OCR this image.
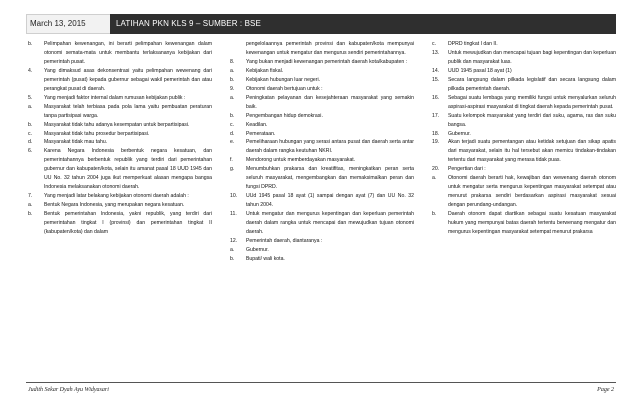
March 13, 2015	LATIHAN PKN KLS 9 – SUMBER : BSE
b.	Pelimpahan kewenangan, ini berarti pelimpahan kewenangan dalam otonomi semata-mata untuk membantu terlaksananya kebijakan dari pemerintah pusat.
4.	Yang dimaksud asas dekonsentrasi yaitu pelimpahan wewenang dari pemerintah (pusat) kepada gubernur sebagai wakil pemerintah dan atau perangkat pusat di daerah.
5.	Yang menjadi faktor internal dalam rumusan kebijakan publik :
a.	Masyarakat telah terbiasa pada pola lama yaitu pembuatan peraturan tanpa partisipasi warga.
b.	Masyarakat tidak tahu adanya kesempatan untuk berpartisipasi.
c.	Masyarakat tidak tahu prosedur berpartisipasi.
d.	Masyarakat tidak mau tahu.
6.	Karena Negara Indonesia berbentuk negara kesatuan, dan pemerintahannya berbentuk republik yang terdiri dari pemerintahan gubernur dan kabupaten/kota, selain itu amanat pasal 18 UUD 1945 dan UU No. 32 tahun 2004 juga ikut memperkuat alasan mengapa bangsa Indonesia melaksanakan otonomi daerah.
7.	Yang menjadi latar belakang kebijakan otonomi daerah adalah :
a.	Bentuk Negara Indonesia, yang merupakan negara kesatuan.
b.	Bentuk pemerintahan Indonesia, yakni republik, yang terdiri dari pemerintahan tingkat I (provinsi) dan pemerintahan tingkat II (kabupaten/kota) dan dalam
pengelolaannya pemerintah provinsi dan kabupaten/kota mempunyai kewenangan untuk mengatur dan mengurus sendiri pemerintahannya.
8.	Yang bukan menjadi kewenangan pemerintah daerah kota/kabupaten :
a.	Kebijakan fiskal.
b.	Kebijakan hubungan luar negeri.
9.	Otonomi daerah bertujuan untuk :
a.	Peningkatan pelayanan dan kesejahteraan masyarakat yang semakin baik.
b.	Pengembangan hidup demokrasi.
c.	Keadilan.
d.	Pemerataan.
e.	Pemeliharaan hubungan yang serasi antara pusat dan daerah serta antar daerah dalam rangka keutuhan NKRI.
f.	Mendorong untuk memberdayakan masyarakat.
g.	Menumbuhkan prakarsa dan kreatifitas, meningkatkan peran serta seluruh masyarakat, mengembangkan dan memaksimalkan peran dan fungsi DPRD.
10.	UUd 1945 pasal 18 ayat (1) sampai dengan ayat (7) dan UU No. 32 tahun 2004.
11.	Untuk mengatur dan mengurus kepentingan dan keperluan pemerintah daerah dalam rangka untuk mencapai dan mewujudkan tujuan otonomi daerah.
12.	Pemerintah daerah, diantaranya :
a.	Gubernur.
b.	Bupati/ wali kota.
c.	DPRD tingkat I dan II.
13.	Untuk mewujudkan dan mencapai tujuan bagi kepentingan dan keperluan publik dan masyarakat luas.
14.	UUD 1945 pasal 18 ayat (1)
15.	Secara langsung dalam pilkada legislatif dan secara langsung dalam pilkada pemerintah daerah.
16.	Sebagai suatu lembaga yang memiliki fungsi untuk menyalurkan seluruh aspirasi-aspirasi masyarakat di tingkat daerah kepada pemerintah pusat.
17.	Suatu kelompok masyarakat yang terdiri dari suku, agama, ras dan suku bangsa.
18.	Gubernur.
19.	Akan terjadi suatu pementangan atau ketidak setujuan dan sikap apatis dari masyarakat, selain itu hal tersebut akan memicu tindakan-tindakan tertentu dari masyarakat yang merasa tidak puas.
20.	Pengertian dari :
a.	Otonomi daerah berarti hak, kewajiban dan wewenang daerah otonom untuk mengatur serta mengurus kepentingan masyarakat setempat atau menurut prakarsa sendiri berdasarkan aspirasi masyarakat sesuai dengan perundang-undangan.
b.	Daerah otonom dapat diartikan sebagai suatu kesatuan masyarakat hukum yang mempunyai batas daerah tertentu berwenang mengatur dan mengurus kepentingan masyarakat setempat menurut prakarsa
Judith Sekar Dyah Ayu Widyasari	Page 2
